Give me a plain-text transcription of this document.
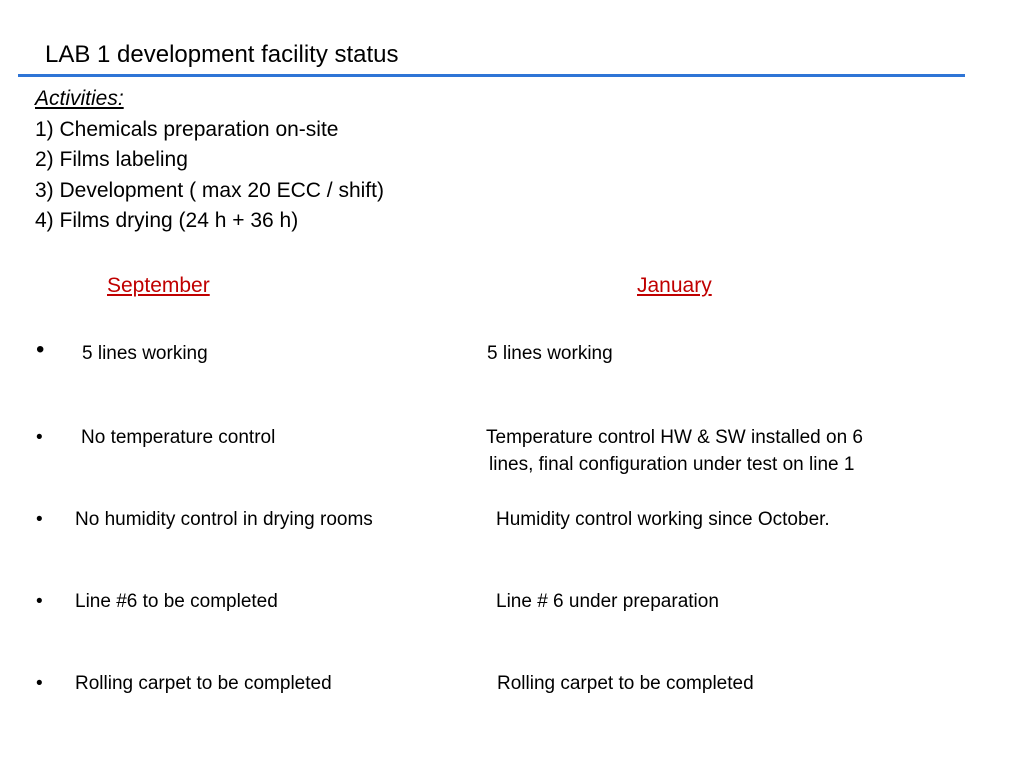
LAB 1 development facility status
Activities:
1) Chemicals preparation on-site
2) Films labeling
3) Development ( max 20 ECC / shift)
4) Films drying (24 h + 36 h)
September	January
• 5 lines working	5 lines working
• No temperature control	Temperature control HW & SW installed on 6
lines, final configuration under test on line 1
• No humidity control in drying rooms	Humidity control working since October.
• Line #6 to be completed	Line # 6 under preparation
• Rolling carpet to be completed	Rolling carpet to be completed
